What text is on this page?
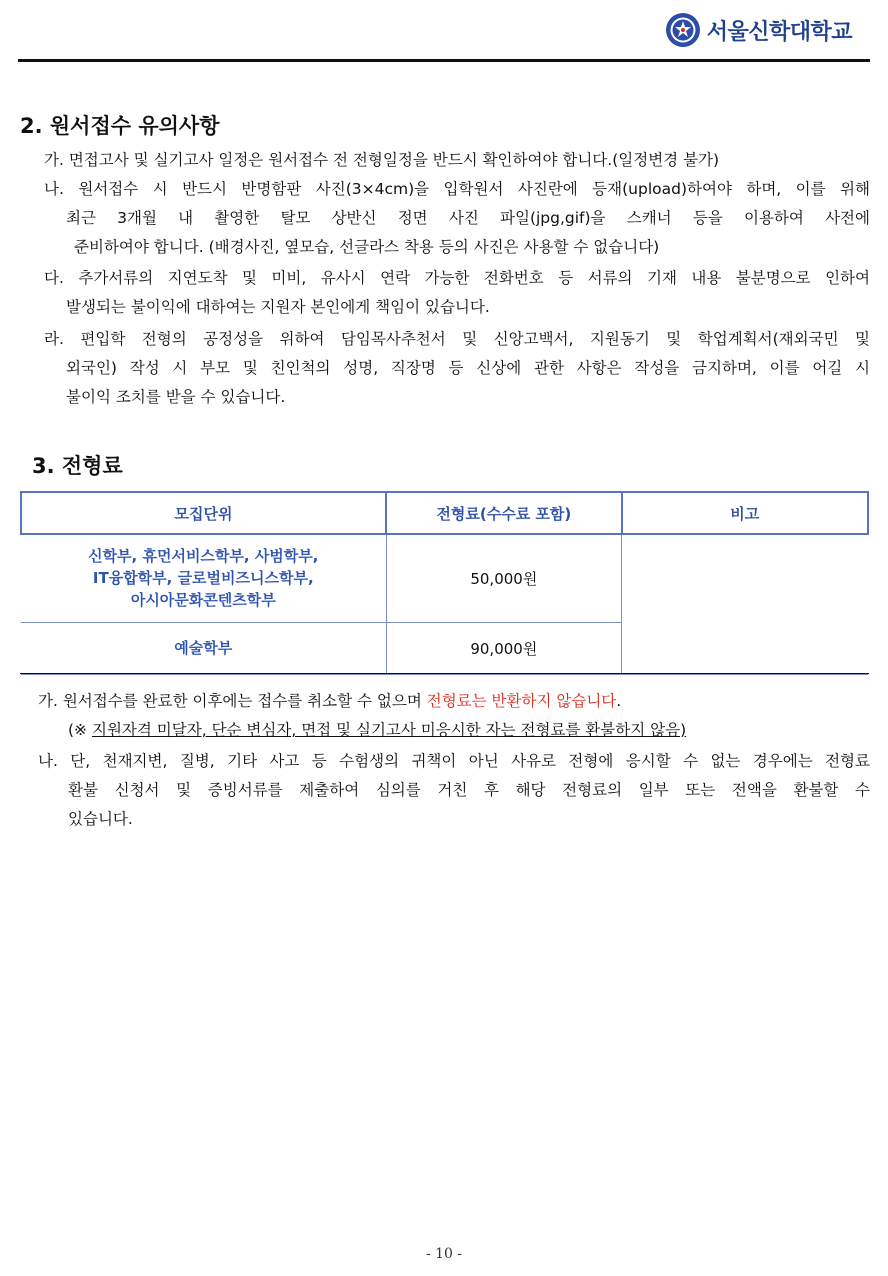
서울신학대학교
2. 원서접수 유의사항
가. 면접고사 및 실기고사 일정은 원서접수 전 전형일정을 반드시 확인하여야 합니다.(일정변경 불가)
나. 원서접수 시 반드시 반명함판 사진(3×4cm)을 입학원서 사진란에 등재(upload)하여야 하며, 이를 위해
최근 3개월 내 촬영한 탈모 상반신 정면 사진 파일(jpg,gif)을 스캐너 등을 이용하여 사전에
준비하여야 합니다. (배경사진, 옆모습, 선글라스 착용 등의 사진은 사용할 수 없습니다)
다. 추가서류의 지연도착 및 미비, 유사시 연락 가능한 전화번호 등 서류의 기재 내용 불분명으로 인하여
발생되는 불이익에 대하여는 지원자 본인에게 책임이 있습니다.
라. 편입학 전형의 공정성을 위하여 담임목사추천서 및 신앙고백서, 지원동기 및 학업계획서(재외국민 및
외국인) 작성 시 부모 및 친인척의 성명, 직장명 등 신상에 관한 사항은 작성을 금지하며, 이를 어길 시
불이익 조치를 받을 수 있습니다.
3. 전형료
모집단위	전형료(수수료 포함)	비고

신학부, 휴먼서비스학부, 사범학부,
IT융합학부, 글로벌비즈니스학부,
아시아문화콘텐츠학부	50,000원	

예술학부	90,000원	
가. 원서접수를 완료한 이후에는 접수를 취소할 수 없으며 전형료는 반환하지 않습니다.
(※ 지원자격 미달자, 단순 변심자, 면접 및 실기고사 미응시한 자는 전형료를 환불하지 않음)
나. 단, 천재지변, 질병, 기타 사고 등 수험생의 귀책이 아닌 사유로 전형에 응시할 수 없는 경우에는 전형료
환불 신청서 및 증빙서류를 제출하여 심의를 거친 후 해당 전형료의 일부 또는 전액을 환불할 수
있습니다.
- 10 -
